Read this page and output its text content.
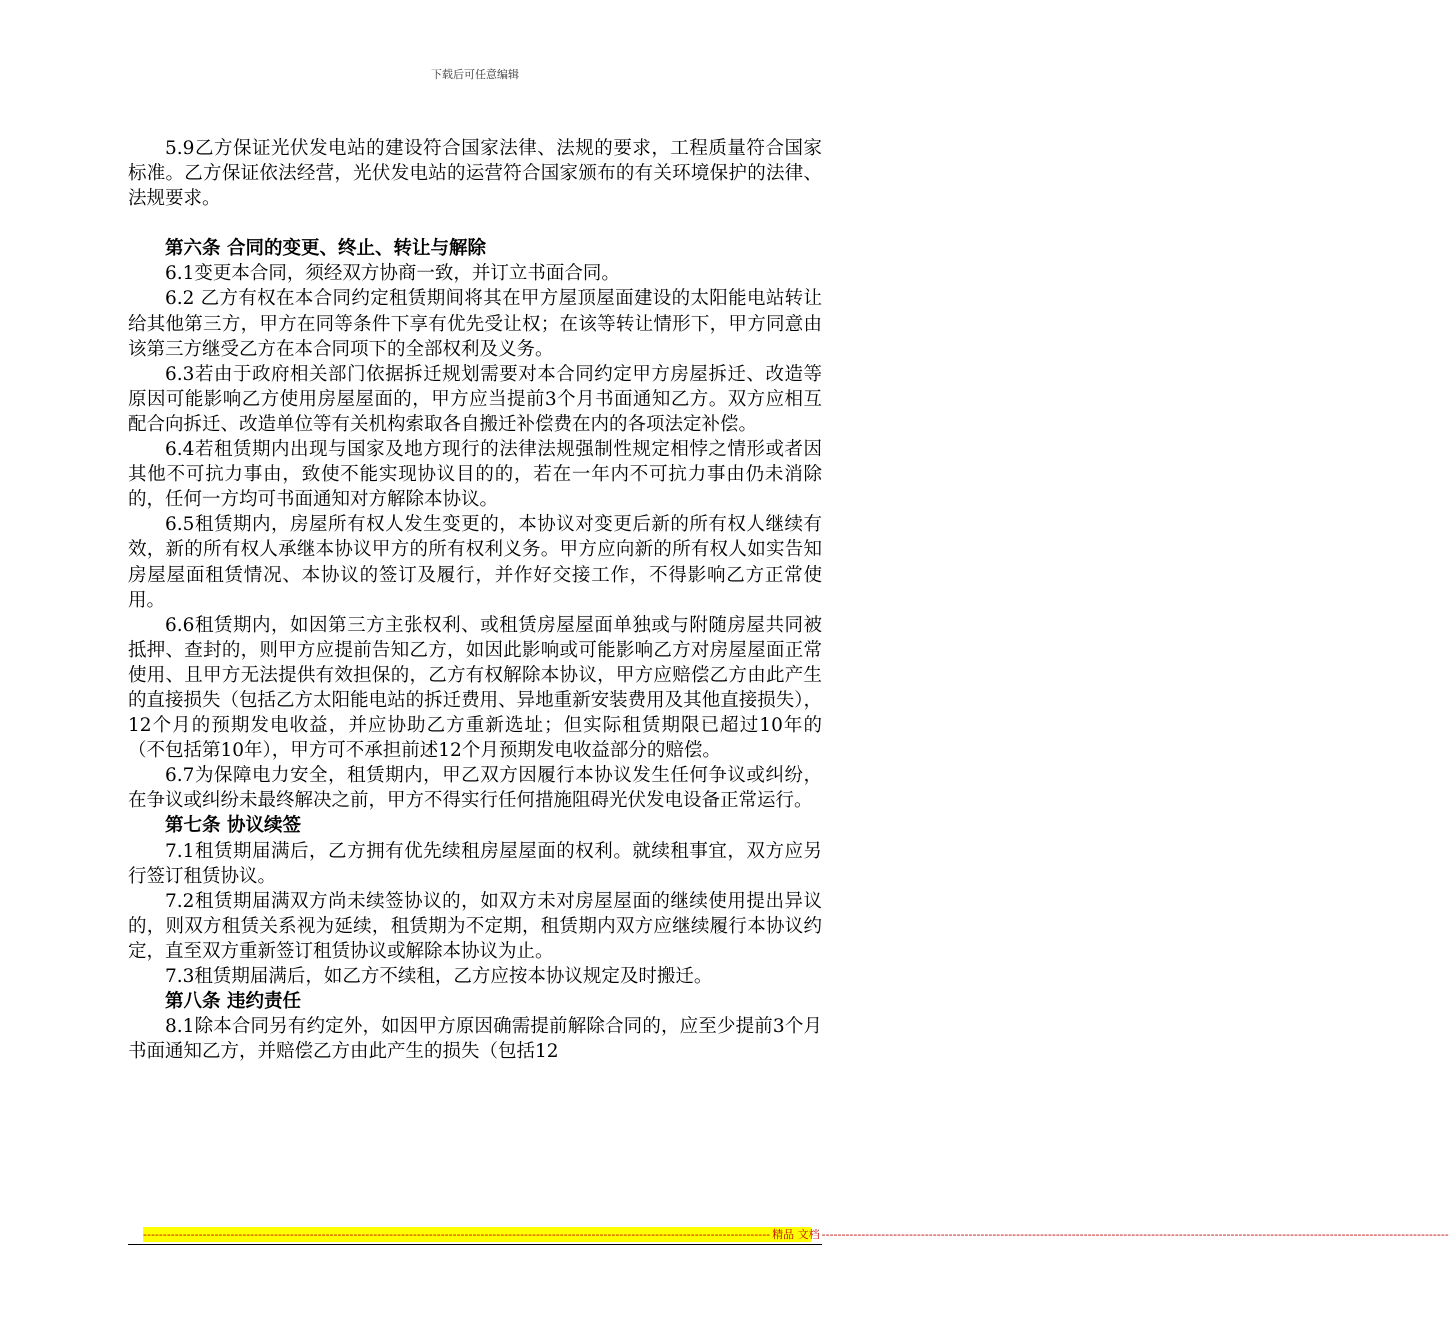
下载后可任意编辑

5.9乙方保证光伏发电站的建设符合国家法律、法规的要求，工程质量符合国家标准。乙方保证依法经营，光伏发电站的运营符合国家颁布的有关环境保护的法律、法规要求。

第六条 合同的变更、终止、转让与解除

6.1变更本合同，须经双方协商一致，并订立书面合同。

6.2 乙方有权在本合同约定租赁期间将其在甲方屋顶屋面建设的太阳能电站转让给其他第三方，甲方在同等条件下享有优先受让权；在该等转让情形下，甲方同意由该第三方继受乙方在本合同项下的全部权利及义务。

6.3若由于政府相关部门依据拆迁规划需要对本合同约定甲方房屋拆迁、改造等原因可能影响乙方使用房屋屋面的，甲方应当提前3个月书面通知乙方。双方应相互配合向拆迁、改造单位等有关机构索取各自搬迁补偿费在内的各项法定补偿。

6.4若租赁期内出现与国家及地方现行的法律法规强制性规定相悖之情形或者因其他不可抗力事由，致使不能实现协议目的的，若在一年内不可抗力事由仍未消除的，任何一方均可书面通知对方解除本协议。

6.5租赁期内，房屋所有权人发生变更的，本协议对变更后新的所有权人继续有效，新的所有权人承继本协议甲方的所有权利义务。甲方应向新的所有权人如实告知房屋屋面租赁情况、本协议的签订及履行，并作好交接工作，不得影响乙方正常使用。

6.6租赁期内，如因第三方主张权利、或租赁房屋屋面单独或与附随房屋共同被抵押、查封的，则甲方应提前告知乙方，如因此影响或可能影响乙方对房屋屋面正常使用、且甲方无法提供有效担保的，乙方有权解除本协议，甲方应赔偿乙方由此产生的直接损失（包括乙方太阳能电站的拆迁费用、异地重新安装费用及其他直接损失），12个月的预期发电收益，并应协助乙方重新选址；但实际租赁期限已超过10年的（不包括第10年），甲方可不承担前述12个月预期发电收益部分的赔偿。

6.7为保障电力安全，租赁期内，甲乙双方因履行本协议发生任何争议或纠纷，在争议或纠纷未最终解决之前，甲方不得实行任何措施阻碍光伏发电设备正常运行。

第七条 协议续签

7.1租赁期届满后，乙方拥有优先续租房屋屋面的权利。就续租事宜，双方应另行签订租赁协议。

7.2租赁期届满双方尚未续签协议的，如双方未对房屋屋面的继续使用提出异议的，则双方租赁关系视为延续，租赁期为不定期，租赁期内双方应继续履行本协议约定，直至双方重新签订租赁协议或解除本协议为止。

7.3租赁期届满后，如乙方不续租，乙方应按本协议规定及时搬迁。

第八条 违约责任

8.1除本合同另有约定外，如因甲方原因确需提前解除合同的，应至少提前3个月书面通知乙方，并赔偿乙方由此产生的损失（包括12

-------------------------------------------------------------------------------------------------------------------------------------------------------------- 精品 文档 --------------------------------------------------------------------------------------------------------------------------------------------------------------
